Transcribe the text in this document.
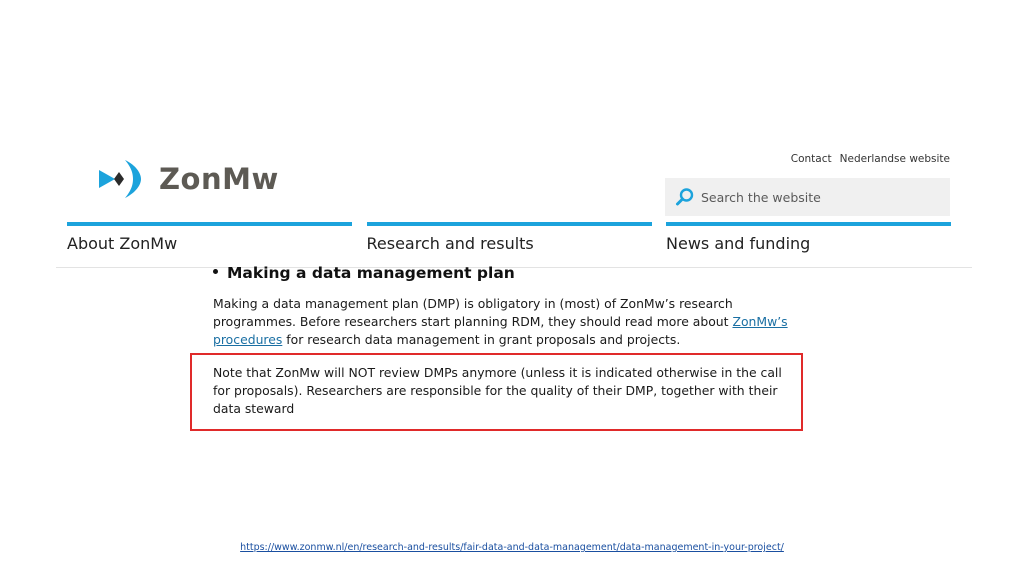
ZonMw
Contact Nederlandse website
Search the website
About ZonMw	Research and results	News and funding
Making a data management plan

Making a data management plan (DMP) is obligatory in (most) of ZonMw’s research programmes. Before researchers start planning RDM, they should read more about ZonMw’s procedures for research data management in grant proposals and projects.

Note that ZonMw will NOT review DMPs anymore (unless it is indicated otherwise in the call for proposals). Researchers are responsible for the quality of their DMP, together with their data steward

https://www.zonmw.nl/en/research-and-results/fair-data-and-data-management/data-management-in-your-project/
